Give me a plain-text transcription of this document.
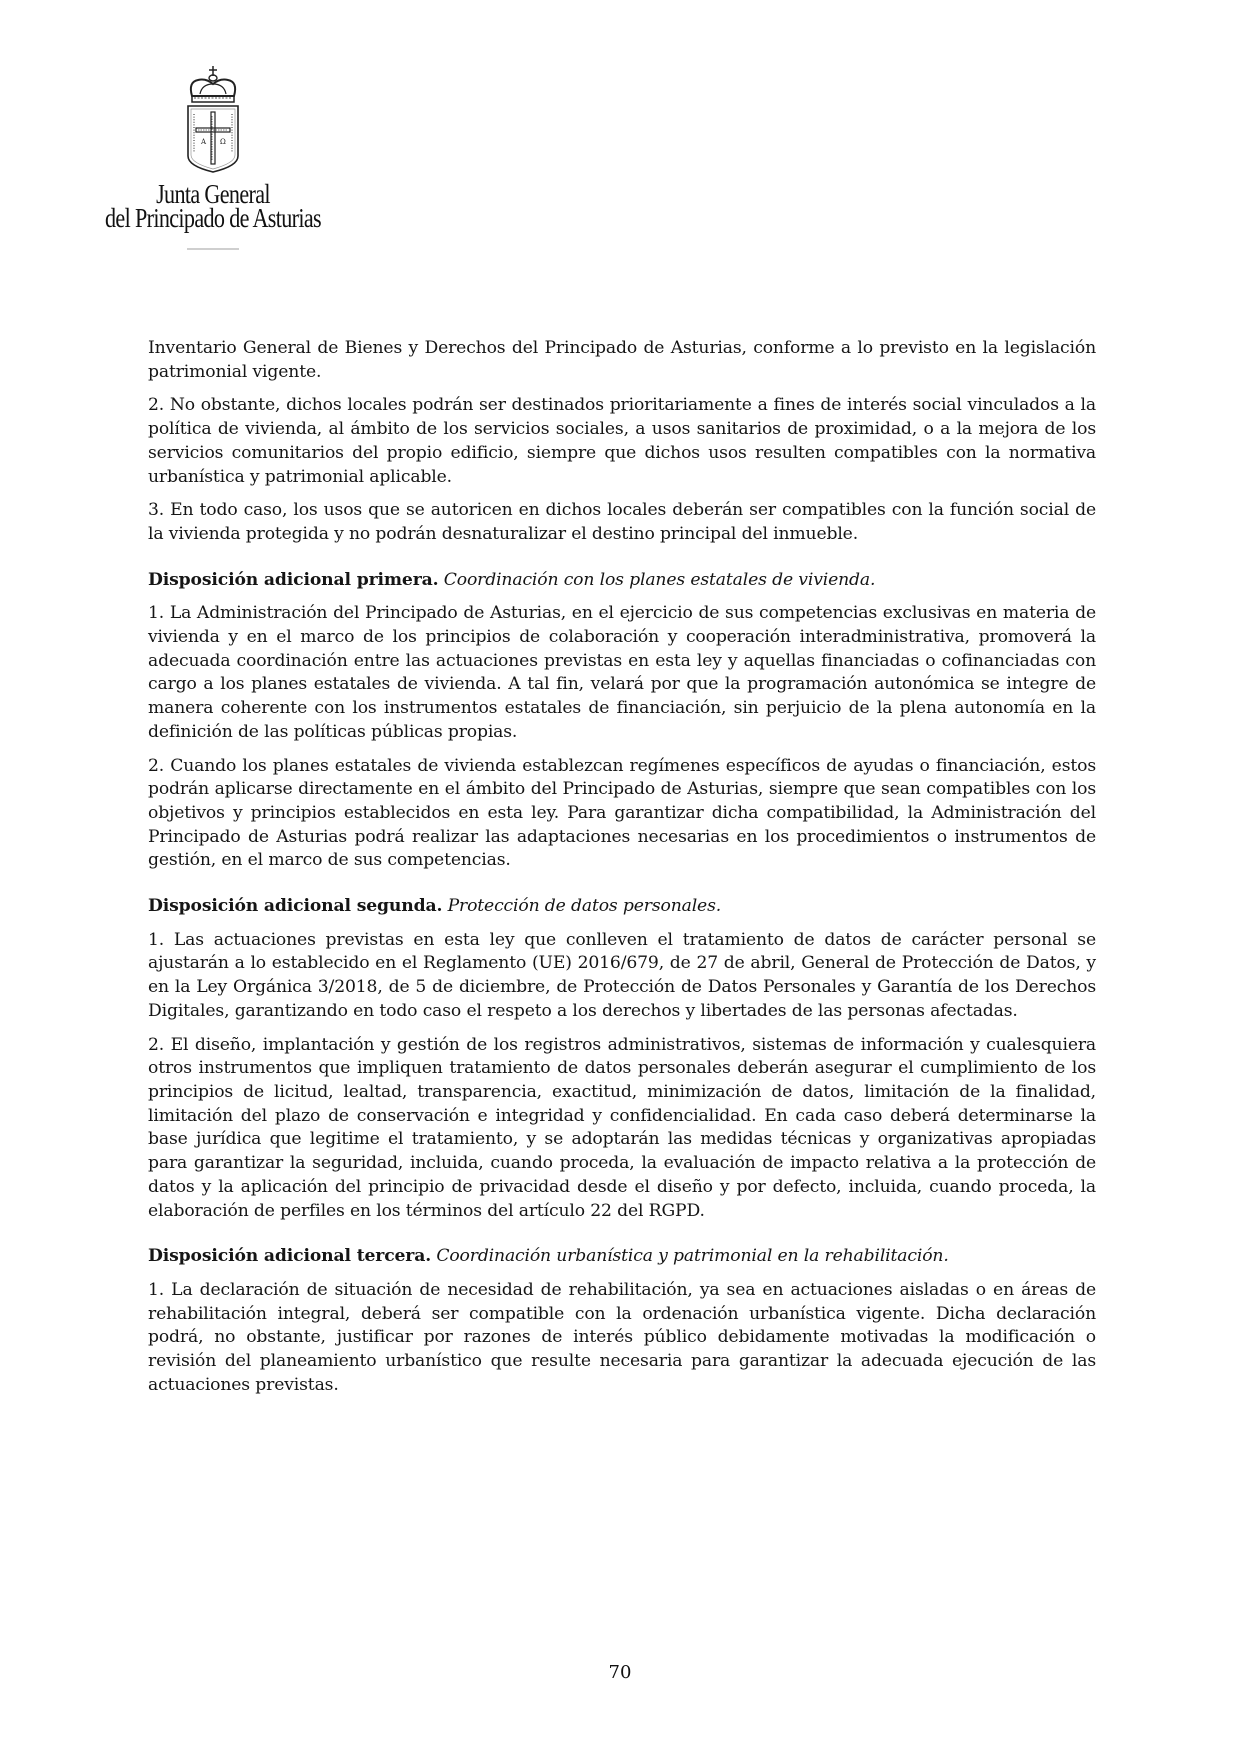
A Ω
Junta General
del Principado de Asturias

Inventario General de Bienes y Derechos del Principado de Asturias, conforme a lo previsto en la legislación patrimonial vigente.

2. No obstante, dichos locales podrán ser destinados prioritariamente a fines de interés social vinculados a la política de vivienda, al ámbito de los servicios sociales, a usos sanitarios de proximidad, o a la mejora de los servicios comunitarios del propio edificio, siempre que dichos usos resulten compatibles con la normativa urbanística y patrimonial aplicable.

3. En todo caso, los usos que se autoricen en dichos locales deberán ser compatibles con la función social de la vivienda protegida y no podrán desnaturalizar el destino principal del inmueble.

Disposición adicional primera. Coordinación con los planes estatales de vivienda.

1. La Administración del Principado de Asturias, en el ejercicio de sus competencias exclusivas en materia de vivienda y en el marco de los principios de colaboración y cooperación interadministrativa, promoverá la adecuada coordinación entre las actuaciones previstas en esta ley y aquellas financiadas o cofinanciadas con cargo a los planes estatales de vivienda. A tal fin, velará por que la programación autonómica se integre de manera coherente con los instrumentos estatales de financiación, sin perjuicio de la plena autonomía en la definición de las políticas públicas propias.

2. Cuando los planes estatales de vivienda establezcan regímenes específicos de ayudas o financiación, estos podrán aplicarse directamente en el ámbito del Principado de Asturias, siempre que sean compatibles con los objetivos y principios establecidos en esta ley. Para garantizar dicha compatibilidad, la Administración del Principado de Asturias podrá realizar las adaptaciones necesarias en los procedimientos o instrumentos de gestión, en el marco de sus competencias.

Disposición adicional segunda. Protección de datos personales.

1. Las actuaciones previstas en esta ley que conlleven el tratamiento de datos de carácter personal se ajustarán a lo establecido en el Reglamento (UE) 2016/679, de 27 de abril, General de Protección de Datos, y en la Ley Orgánica 3/2018, de 5 de diciembre, de Protección de Datos Personales y Garantía de los Derechos Digitales, garantizando en todo caso el respeto a los derechos y libertades de las personas afectadas.

2. El diseño, implantación y gestión de los registros administrativos, sistemas de información y cualesquiera otros instrumentos que impliquen tratamiento de datos personales deberán asegurar el cumplimiento de los principios de licitud, lealtad, transparencia, exactitud, minimización de datos, limitación de la finalidad, limitación del plazo de conservación e integridad y confidencialidad. En cada caso deberá determinarse la base jurídica que legitime el tratamiento, y se adoptarán las medidas técnicas y organizativas apropiadas para garantizar la seguridad, incluida, cuando proceda, la evaluación de impacto relativa a la protección de datos y la aplicación del principio de privacidad desde el diseño y por defecto, incluida, cuando proceda, la elaboración de perfiles en los términos del artículo 22 del RGPD.

Disposición adicional tercera. Coordinación urbanística y patrimonial en la rehabilitación.

1. La declaración de situación de necesidad de rehabilitación, ya sea en actuaciones aisladas o en áreas de rehabilitación integral, deberá ser compatible con la ordenación urbanística vigente. Dicha declaración podrá, no obstante, justificar por razones de interés público debidamente motivadas la modificación o revisión del planeamiento urbanístico que resulte necesaria para garantizar la adecuada ejecución de las actuaciones previstas.

70
